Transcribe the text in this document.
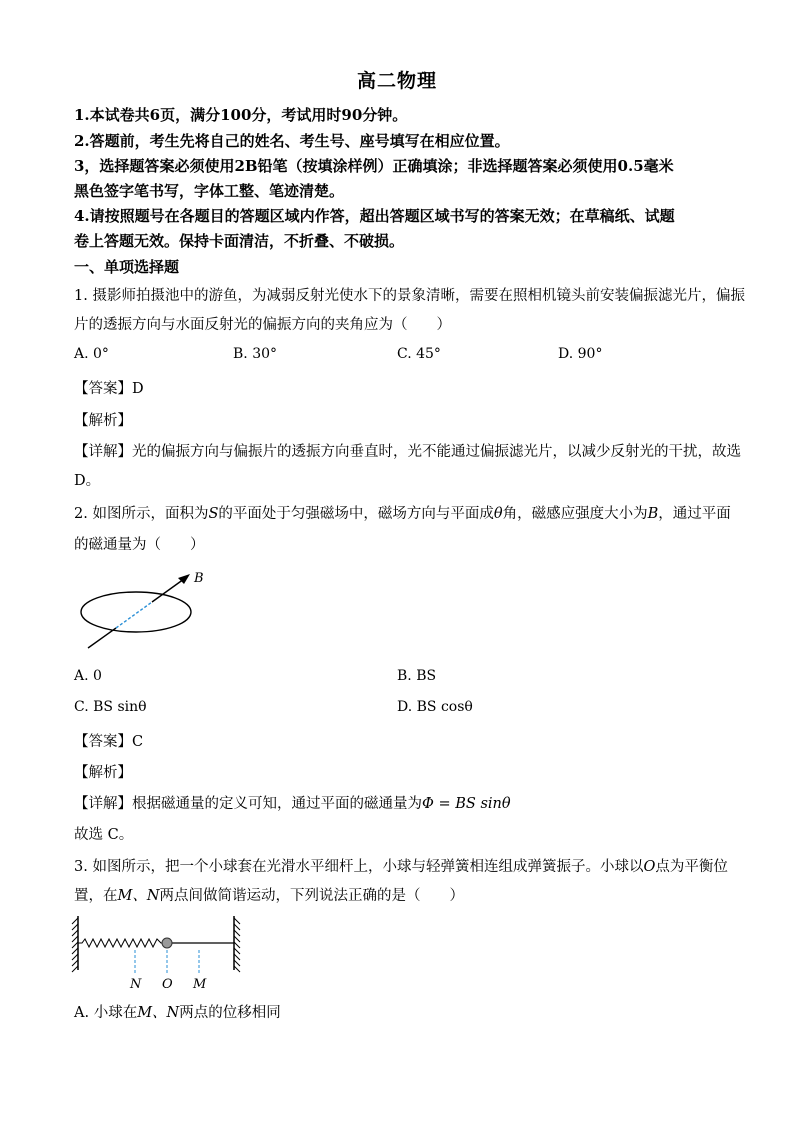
高二物理
1.本试卷共6页，满分100分，考试用时90分钟。
2.答题前，考生先将自己的姓名、考生号、座号填写在相应位置。
3，选择题答案必须使用2B铅笔（按填涂样例）正确填涂；非选择题答案必须使用0.5毫米
黑色签字笔书写，字体工整、笔迹清楚。
4.请按照题号在各题目的答题区域内作答，超出答题区域书写的答案无效；在草稿纸、试题
卷上答题无效。保持卡面清洁，不折叠、不破损。
一、单项选择题
1. 摄影师拍摄池中的游鱼，为减弱反射光使水下的景象清晰，需要在照相机镜头前安装偏振滤光片，偏振
片的透振方向与水面反射光的偏振方向的夹角应为（　　）
A. 0°	B. 30°	C. 45°	D. 90°
【答案】D
【解析】
【详解】光的偏振方向与偏振片的透振方向垂直时，光不能通过偏振滤光片，以减少反射光的干扰，故选
D。
2. 如图所示，面积为S的平面处于匀强磁场中，磁场方向与平面成θ角，磁感应强度大小为B，通过平面
的磁通量为（　　）
B
A. 0	B. BS
C. BS sinθ	D. BS cosθ
【答案】C
【解析】
【详解】根据磁通量的定义可知，通过平面的磁通量为Φ = BS sinθ
故选 C。
3. 如图所示，把一个小球套在光滑水平细杆上，小球与轻弹簧相连组成弹簧振子。小球以O点为平衡位
置，在M、N两点间做简谐运动，下列说法正确的是（　　）
N O M
A. 小球在M、N两点的位移相同
